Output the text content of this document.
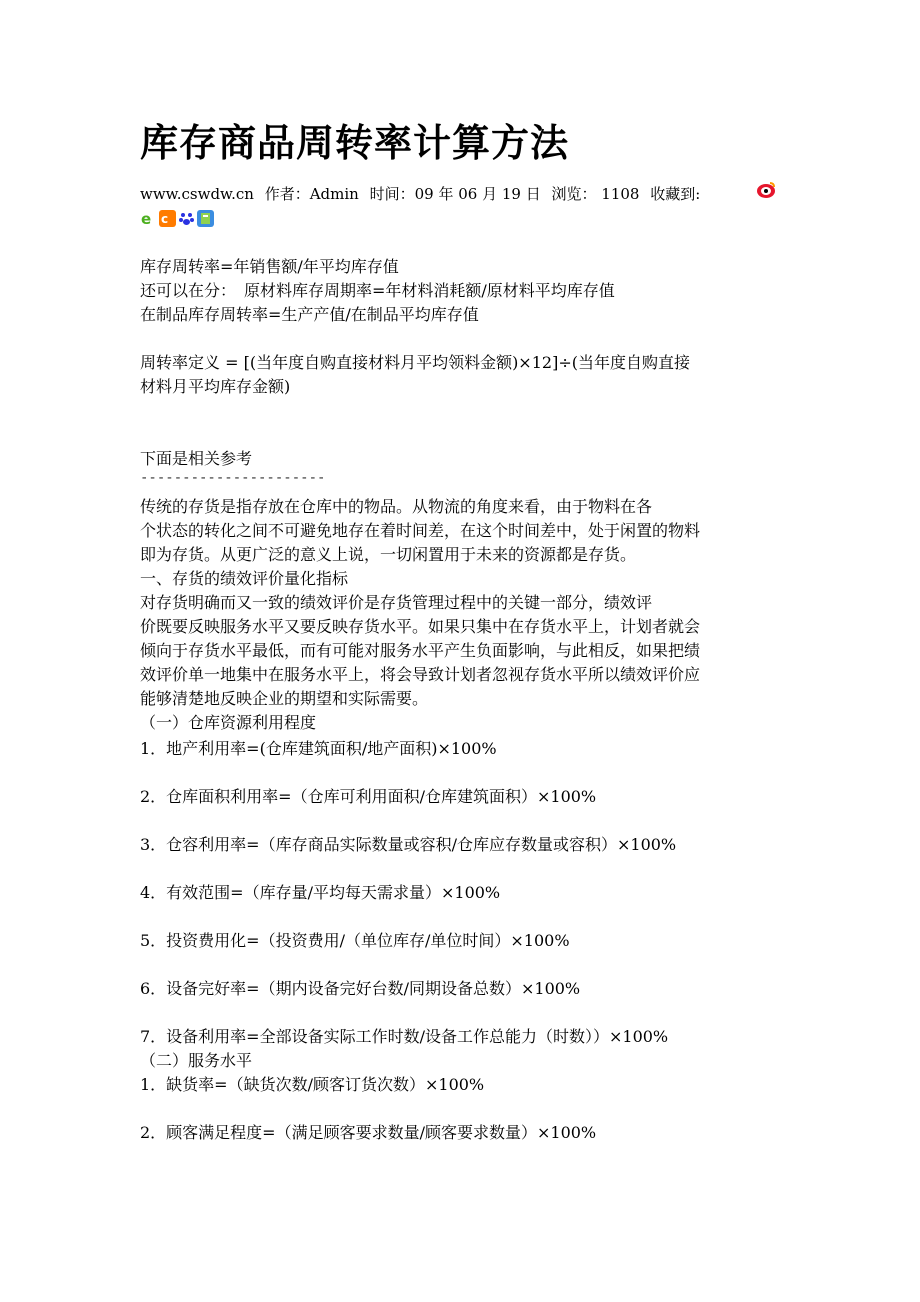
库存商品周转率计算方法
www.cswdw.cn 作者：Admin 时间：09 年 06 月 19 日 浏览： 1108 收藏到:
e c
库存周转率=年销售额/年平均库存值
还可以在分：　原材料库存周期率=年材料消耗额/原材料平均库存值
在制品库存周转率=生产产值/在制品平均库存值
周转率定义 = [(当年度自购直接材料月平均领料金额)×12]÷(当年度自购直接
材料月平均库存金额)
下面是相关参考
传统的存货是指存放在仓库中的物品。从物流的角度来看，由于物料在各
个状态的转化之间不可避免地存在着时间差，在这个时间差中，处于闲置的物料
即为存货。从更广泛的意义上说，一切闲置用于未来的资源都是存货。
一、存货的绩效评价量化指标
对存货明确而又一致的绩效评价是存货管理过程中的关键一部分，绩效评
价既要反映服务水平又要反映存货水平。如果只集中在存货水平上，计划者就会
倾向于存货水平最低，而有可能对服务水平产生负面影响，与此相反，如果把绩
效评价单一地集中在服务水平上，将会导致计划者忽视存货水平所以绩效评价应
能够清楚地反映企业的期望和实际需要。
（一）仓库资源利用程度
1．地产利用率=(仓库建筑面积/地产面积)×100%
2．仓库面积利用率=（仓库可利用面积/仓库建筑面积）×100%
3．仓容利用率=（库存商品实际数量或容积/仓库应存数量或容积）×100%
4．有效范围=（库存量/平均每天需求量）×100%
5．投资费用化=（投资费用/（单位库存/单位时间）×100%
6．设备完好率=（期内设备完好台数/同期设备总数）×100%
7．设备利用率=全部设备实际工作时数/设备工作总能力（时数））×100%
（二）服务水平
1．缺货率=（缺货次数/顾客订货次数）×100%
2．顾客满足程度=（满足顾客要求数量/顾客要求数量）×100%
----------------------
